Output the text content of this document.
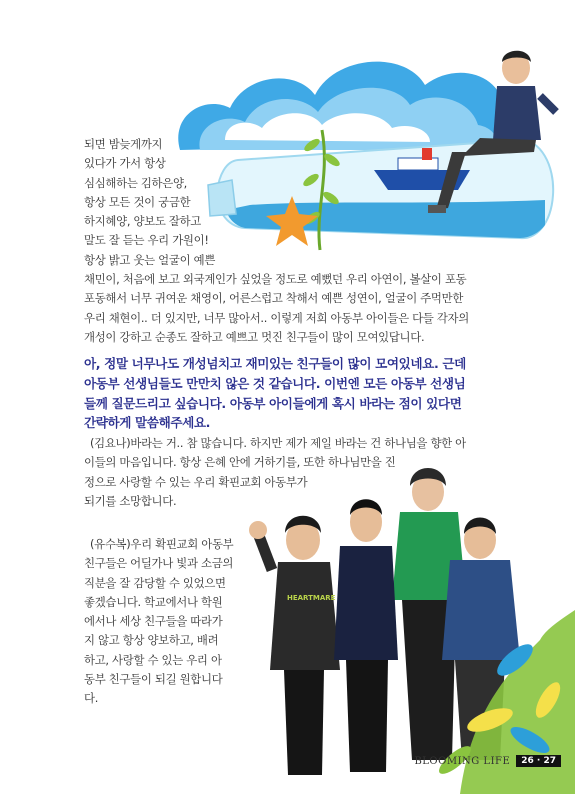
HEARTMARE
되면 밤늦게까지
있다가 가서 항상
심심해하는 김하은양,
항상 모든 것이 궁금한
하지혜양, 양보도 잘하고
말도 잘 듣는 우리 가원이!
항상 밝고 웃는 얼굴이 예쁜
채민이, 처음에 보고 외국계인가 싶었을 정도로 예뻤던 우리 아연이, 볼살이 포동
포동해서 너무 귀여운 채영이, 어른스럽고 착해서 예쁜 성연이, 얼굴이 주먹만한
우리 채현이.. 더 있지만, 너무 많아서.. 이렇게 저희 아동부 아이들은 다들 각자의
개성이 강하고 순종도 잘하고 예쁘고 멋진 친구들이 많이 모여있답니다.
아, 정말 너무나도 개성넘치고 재미있는 친구들이 많이 모여있네요. 근데
아동부 선생님들도 만만치 않은 것 같습니다. 이번엔 모든 아동부 선생님
들께 질문드리고 싶습니다. 아동부 아이들에게 혹시 바라는 점이 있다면
간략하게 말씀해주세요.
(김요나)바라는 거.. 참 많습니다. 하지만 제가 제일 바라는 건 하나님을 향한 아
이들의 마음입니다. 항상 은혜 안에 거하기를, 또한 하나님만을 진
정으로 사랑할 수 있는 우리 확핀교회 아동부가
되기를 소망합니다.
(유수복)우리 확핀교회 아동부
친구들은 어딜가나 빛과 소금의
직분을 잘 감당할 수 있었으면
좋겠습니다. 학교에서나 학원
에서나 세상 친구들을 따라가
지 않고 항상 양보하고, 배려
하고, 사랑할 수 있는 우리 아
동부 친구들이 되길 원합니다
다.
BLOOMING LIFE	26 · 27
